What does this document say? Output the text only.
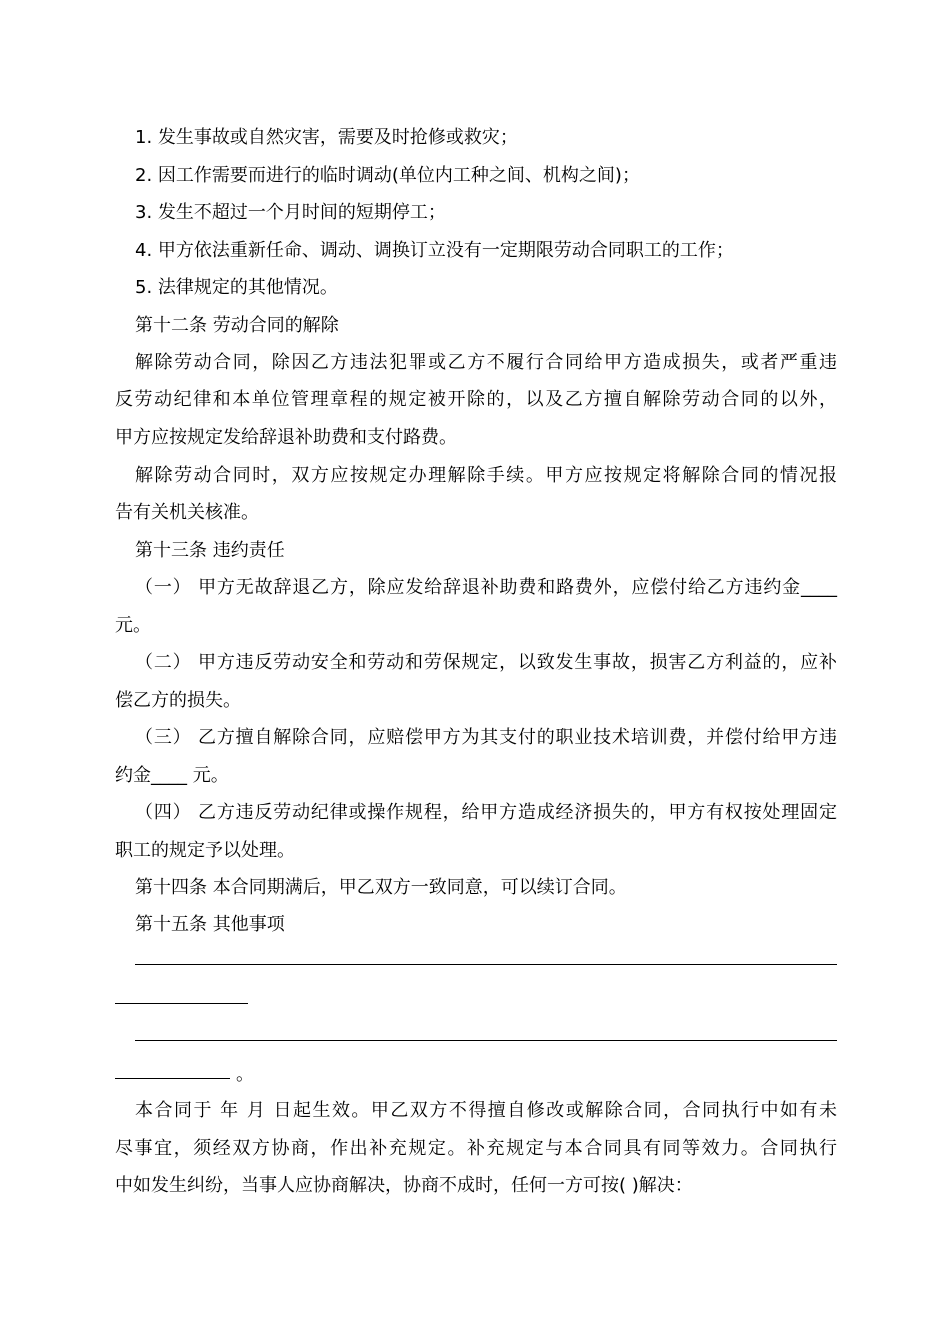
1. 发生事故或自然灾害，需要及时抢修或救灾；
2. 因工作需要而进行的临时调动(单位内工种之间、机构之间)；
3. 发生不超过一个月时间的短期停工；
4. 甲方依法重新任命、调动、调换订立没有一定期限劳动合同职工的工作；
5. 法律规定的其他情况。
第十二条 劳动合同的解除
解除劳动合同，除因乙方违法犯罪或乙方不履行合同给甲方造成损失，或者严重违
反劳动纪律和本单位管理章程的规定被开除的，以及乙方擅自解除劳动合同的以外，
甲方应按规定发给辞退补助费和支付路费。
解除劳动合同时，双方应按规定办理解除手续。甲方应按规定将解除合同的情况报
告有关机关核准。
第十三条 违约责任
（一） 甲方无故辞退乙方，除应发给辞退补助费和路费外，应偿付给乙方违约金____
元。
（二） 甲方违反劳动安全和劳动和劳保规定，以致发生事故，损害乙方利益的，应补
偿乙方的损失。
（三） 乙方擅自解除合同，应赔偿甲方为其支付的职业技术培训费，并偿付给甲方违
约金____ 元。
（四） 乙方违反劳动纪律或操作规程，给甲方造成经济损失的，甲方有权按处理固定
职工的规定予以处理。
第十四条 本合同期满后，甲乙双方一致同意，可以续订合同。
第十五条 其他事项
。
本合同于 年 月 日起生效。甲乙双方不得擅自修改或解除合同，合同执行中如有未
尽事宜，须经双方协商，作出补充规定。补充规定与本合同具有同等效力。合同执行
中如发生纠纷，当事人应协商解决，协商不成时，任何一方可按( )解决：
